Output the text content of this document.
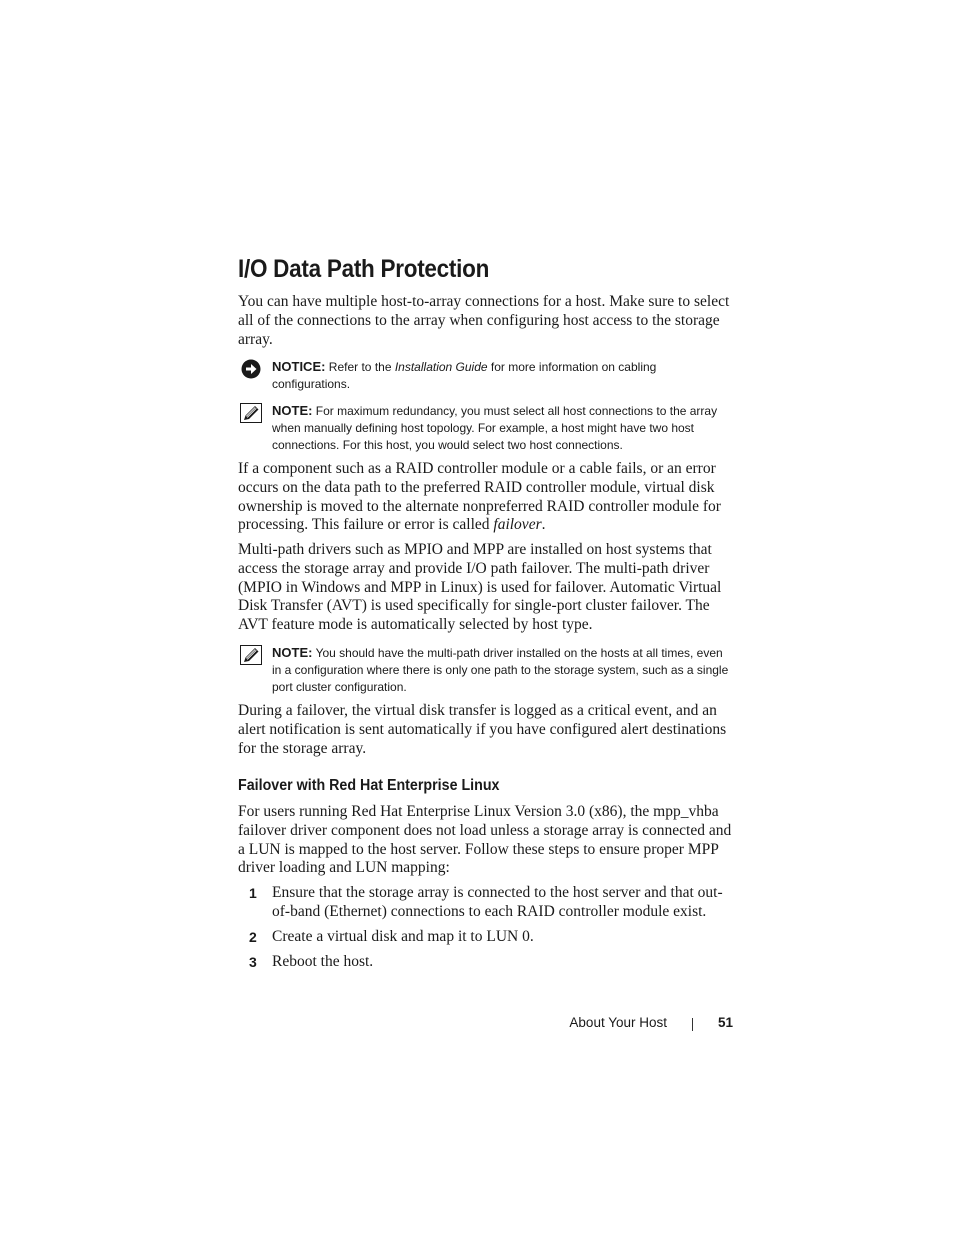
I/O Data Path Protection

You can have multiple host-to-array connections for a host. Make sure to select all of the connections to the array when configuring host access to the storage array.

NOTICE: Refer to the Installation Guide for more information on cabling configurations.
NOTE: For maximum redundancy, you must select all host connections to the array when manually defining host topology. For example, a host might have two host connections. For this host, you would select two host connections.

If a component such as a RAID controller module or a cable fails, or an error occurs on the data path to the preferred RAID controller module, virtual disk ownership is moved to the alternate nonpreferred RAID controller module for processing. This failure or error is called failover.

Multi-path drivers such as MPIO and MPP are installed on host systems that access the storage array and provide I/O path failover. The multi-path driver (MPIO in Windows and MPP in Linux) is used for failover. Automatic Virtual Disk Transfer (AVT) is used specifically for single-port cluster failover. The AVT feature mode is automatically selected by host type.

NOTE: You should have the multi-path driver installed on the hosts at all times, even in a configuration where there is only one path to the storage system, such as a single port cluster configuration.

During a failover, the virtual disk transfer is logged as a critical event, and an alert notification is sent automatically if you have configured alert destinations for the storage array.

Failover with Red Hat Enterprise Linux

For users running Red Hat Enterprise Linux Version 3.0 (x86), the mpp_vhba failover driver component does not load unless a storage array is connected and a LUN is mapped to the host server. Follow these steps to ensure proper MPP driver loading and LUN mapping:

1 Ensure that the storage array is connected to the host server and that out-of-band (Ethernet) connections to each RAID controller module exist.
2 Create a virtual disk and map it to LUN 0.
3 Reboot the host.
About Your Host	51
